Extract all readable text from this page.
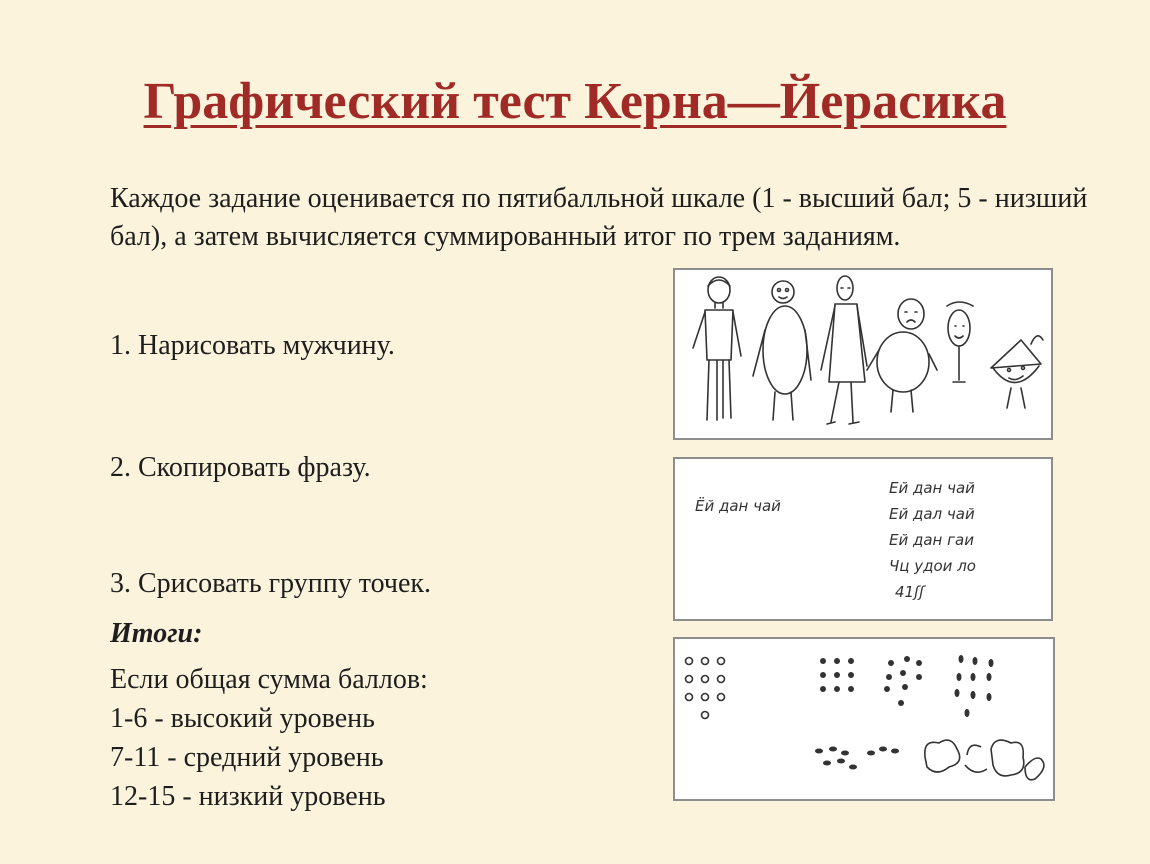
Графический тест Керна—Йерасика

Каждое задание оценивается по пятибалльной шкале (1 - высший бал; 5 - низший бал), а затем вычисляется суммированный итог по трем заданиям.

1. Нарисовать мужчину.

2. Скопировать фразу.

3. Срисовать группу точек.

Итоги:

Если общая сумма баллов:
1-6 - высокий уровень
7-11 - средний уровень
12-15 - низкий уровень
Ёй дан чай
Ей дан чай
Ей дал чай
Ей дан гаи
Чц удои ло
41ʃʃ
